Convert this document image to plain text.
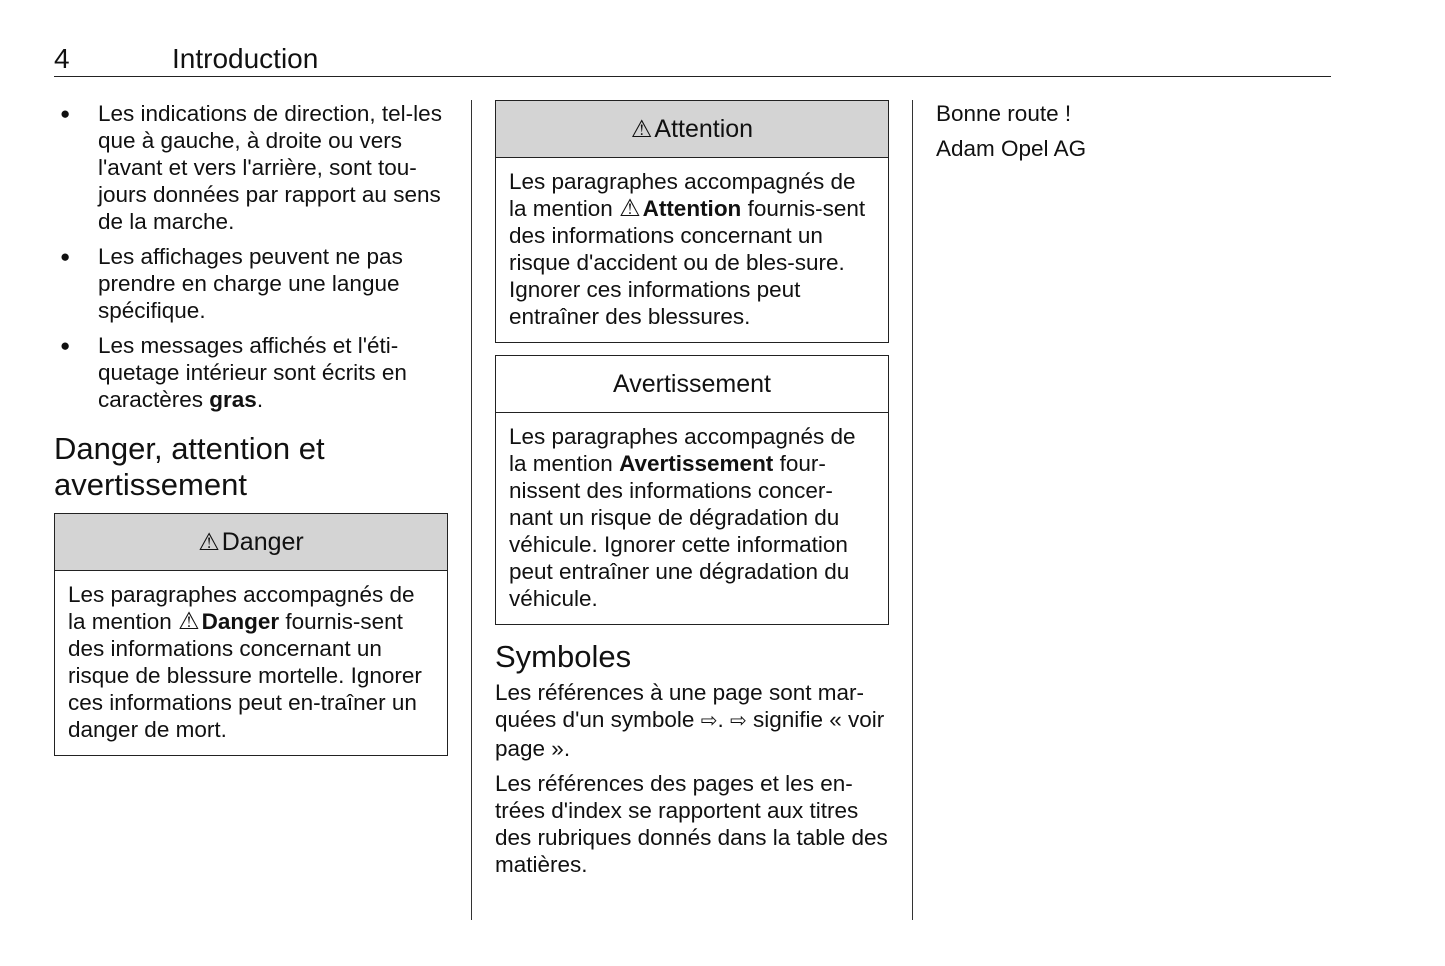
4	Introduction
● Les indications de direction, tel-les que à gauche, à droite ou vers l'avant et vers l'arrière, sont tou-jours données par rapport au sens de la marche.
● Les affichages peuvent ne pas prendre en charge une langue spécifique.
● Les messages affichés et l'éti-quetage intérieur sont écrits en caractères gras.
Danger, attention et avertissement
⚠ Danger
Les paragraphes accompagnés de la mention ⚠Danger fournis-sent des informations concernant un risque de blessure mortelle. Ignorer ces informations peut en-traîner un danger de mort.
⚠ Attention
Les paragraphes accompagnés de la mention ⚠Attention fournis-sent des informations concernant un risque d'accident ou de bles-sure. Ignorer ces informations peut entraîner des blessures.
Avertissement
Les paragraphes accompagnés de la mention Avertissement four-nissent des informations concer-nant un risque de dégradation du véhicule. Ignorer cette information peut entraîner une dégradation du véhicule.
Symboles

Les références à une page sont mar-quées d'un symbole ⇨. ⇨ signifie « voir page ».

Les références des pages et les en-trées d'index se rapportent aux titres des rubriques donnés dans la table des matières.

Bonne route !

Adam Opel AG
